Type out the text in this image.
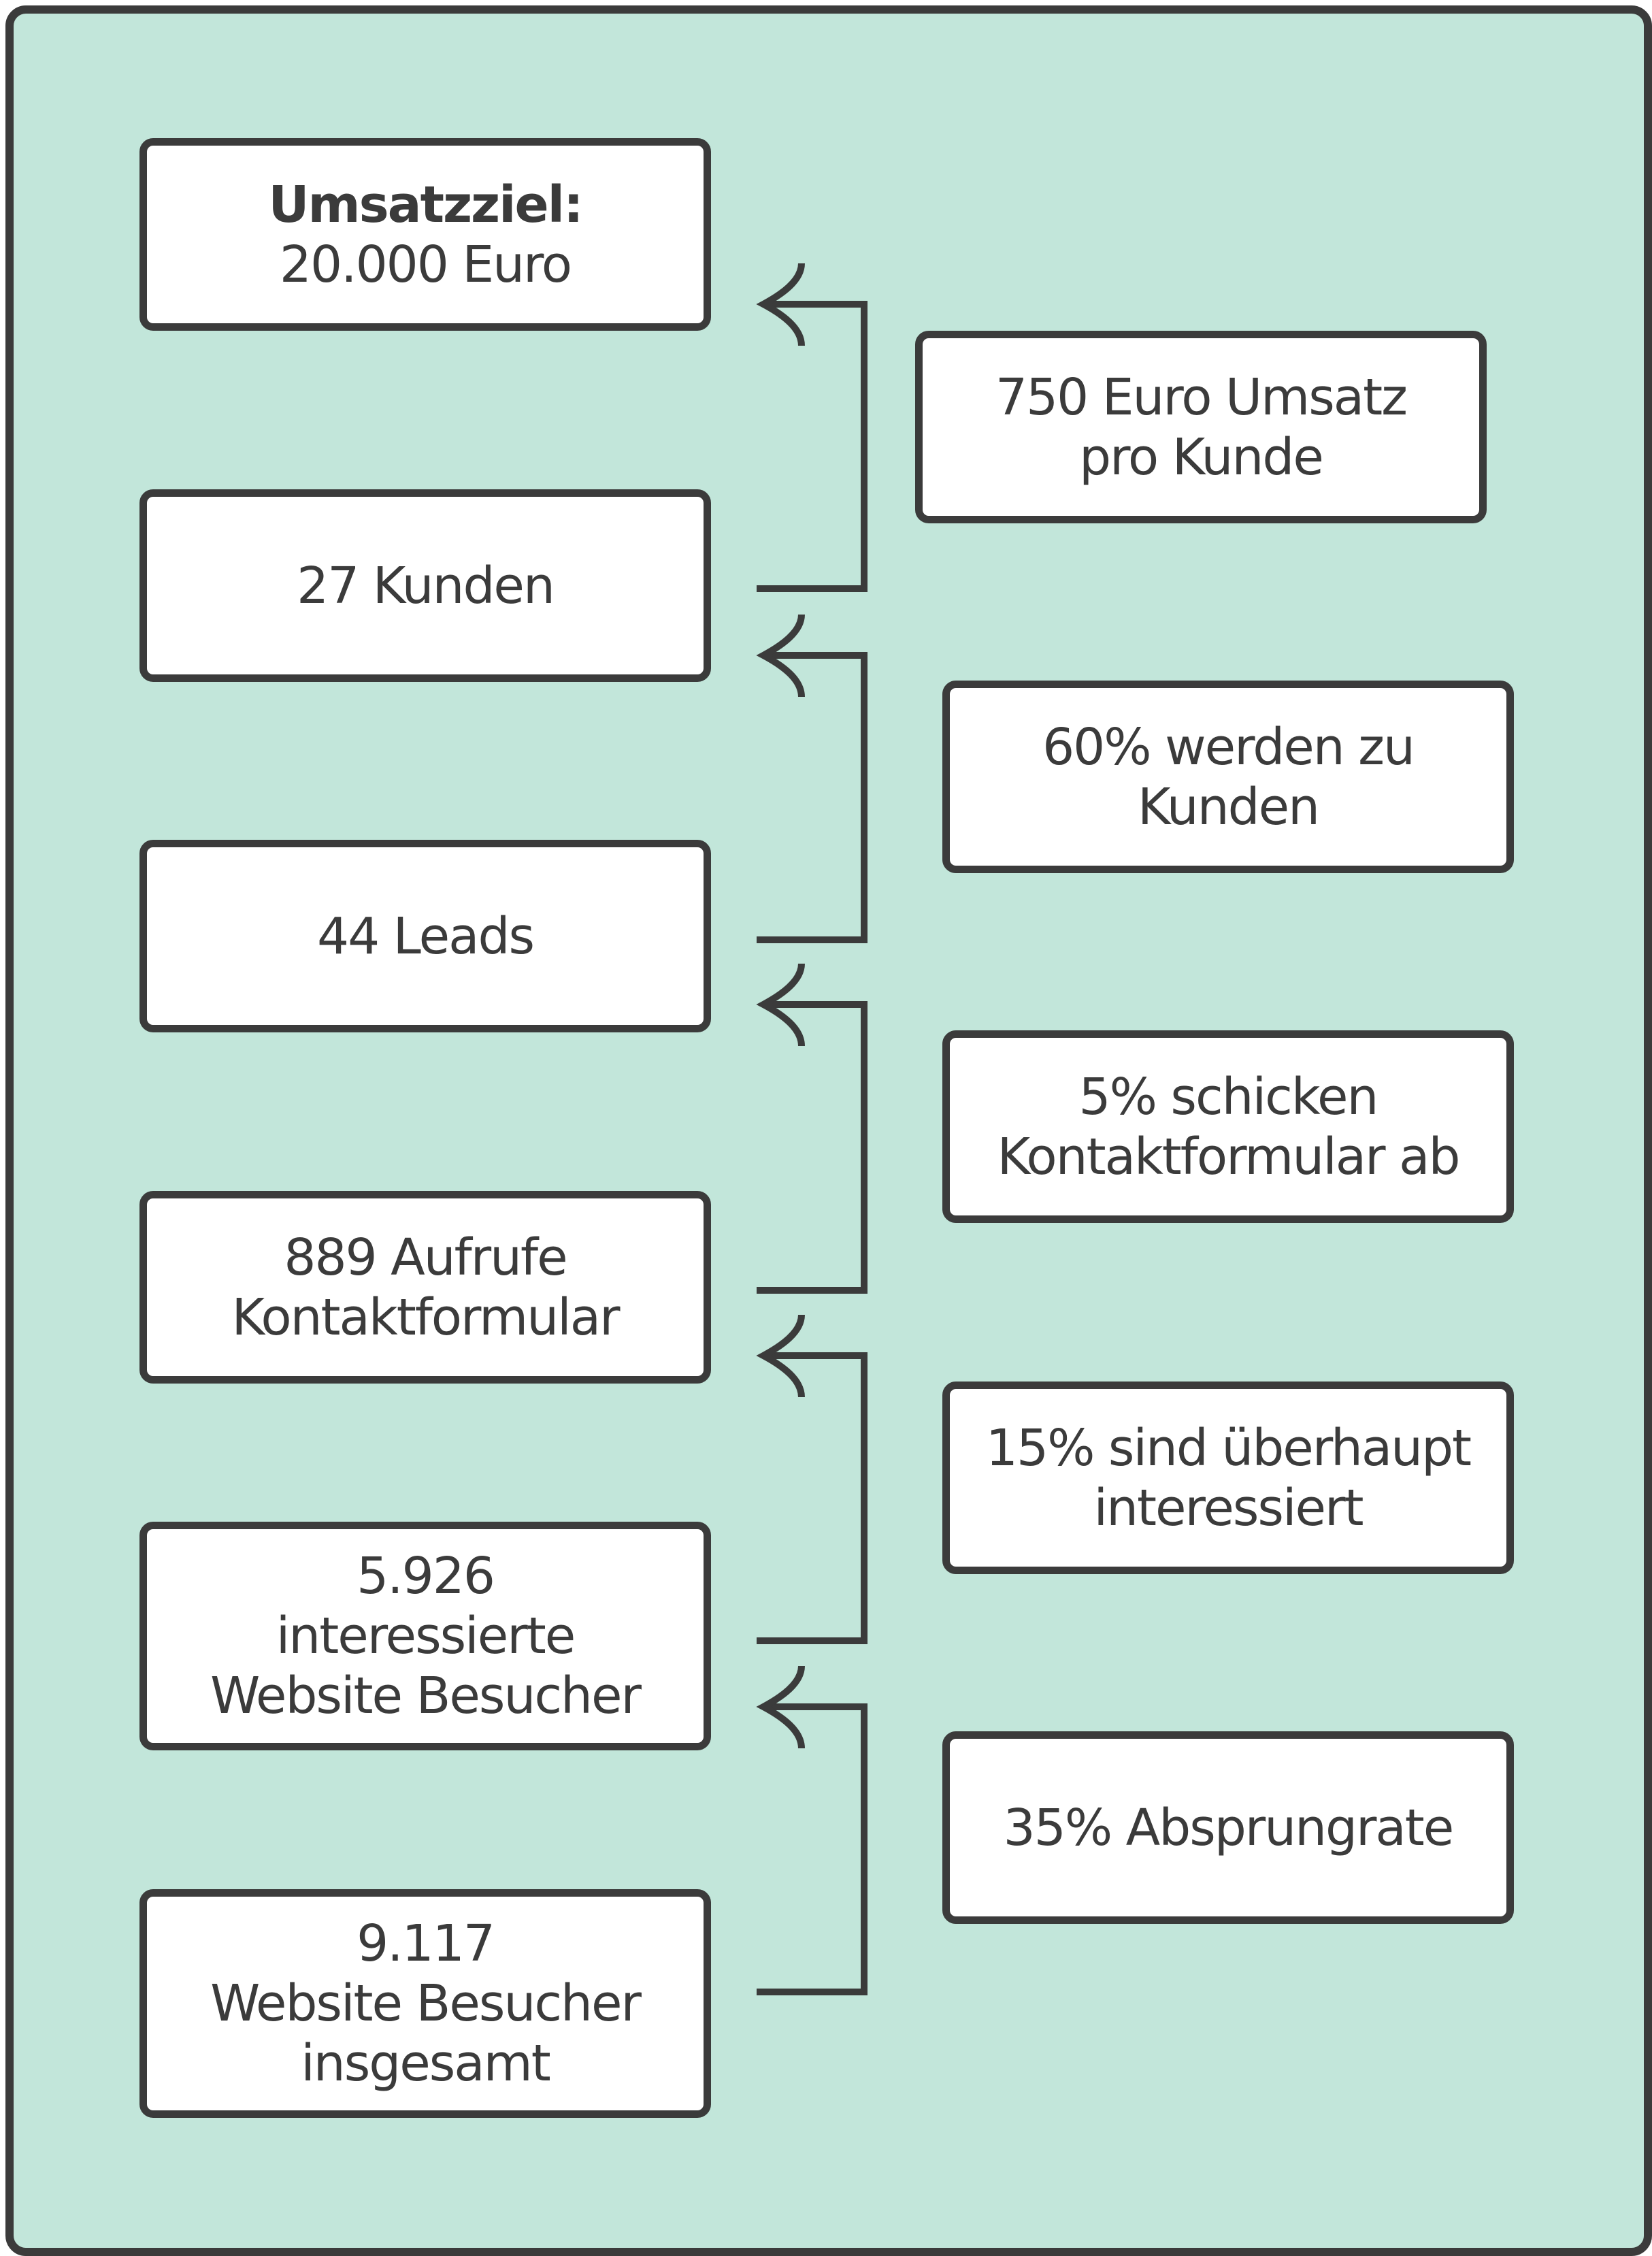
Umsatzziel:
20.000 Euro
27 Kunden
44 Leads
889 Aufrufe
Kontaktformular
5.926
interessierte
Website Besucher
9.117
Website Besucher
insgesamt
750 Euro Umsatz
pro Kunde
60% werden zu
Kunden
5% schicken
Kontaktformular ab
15% sind überhaupt
interessiert
35% Absprungrate
